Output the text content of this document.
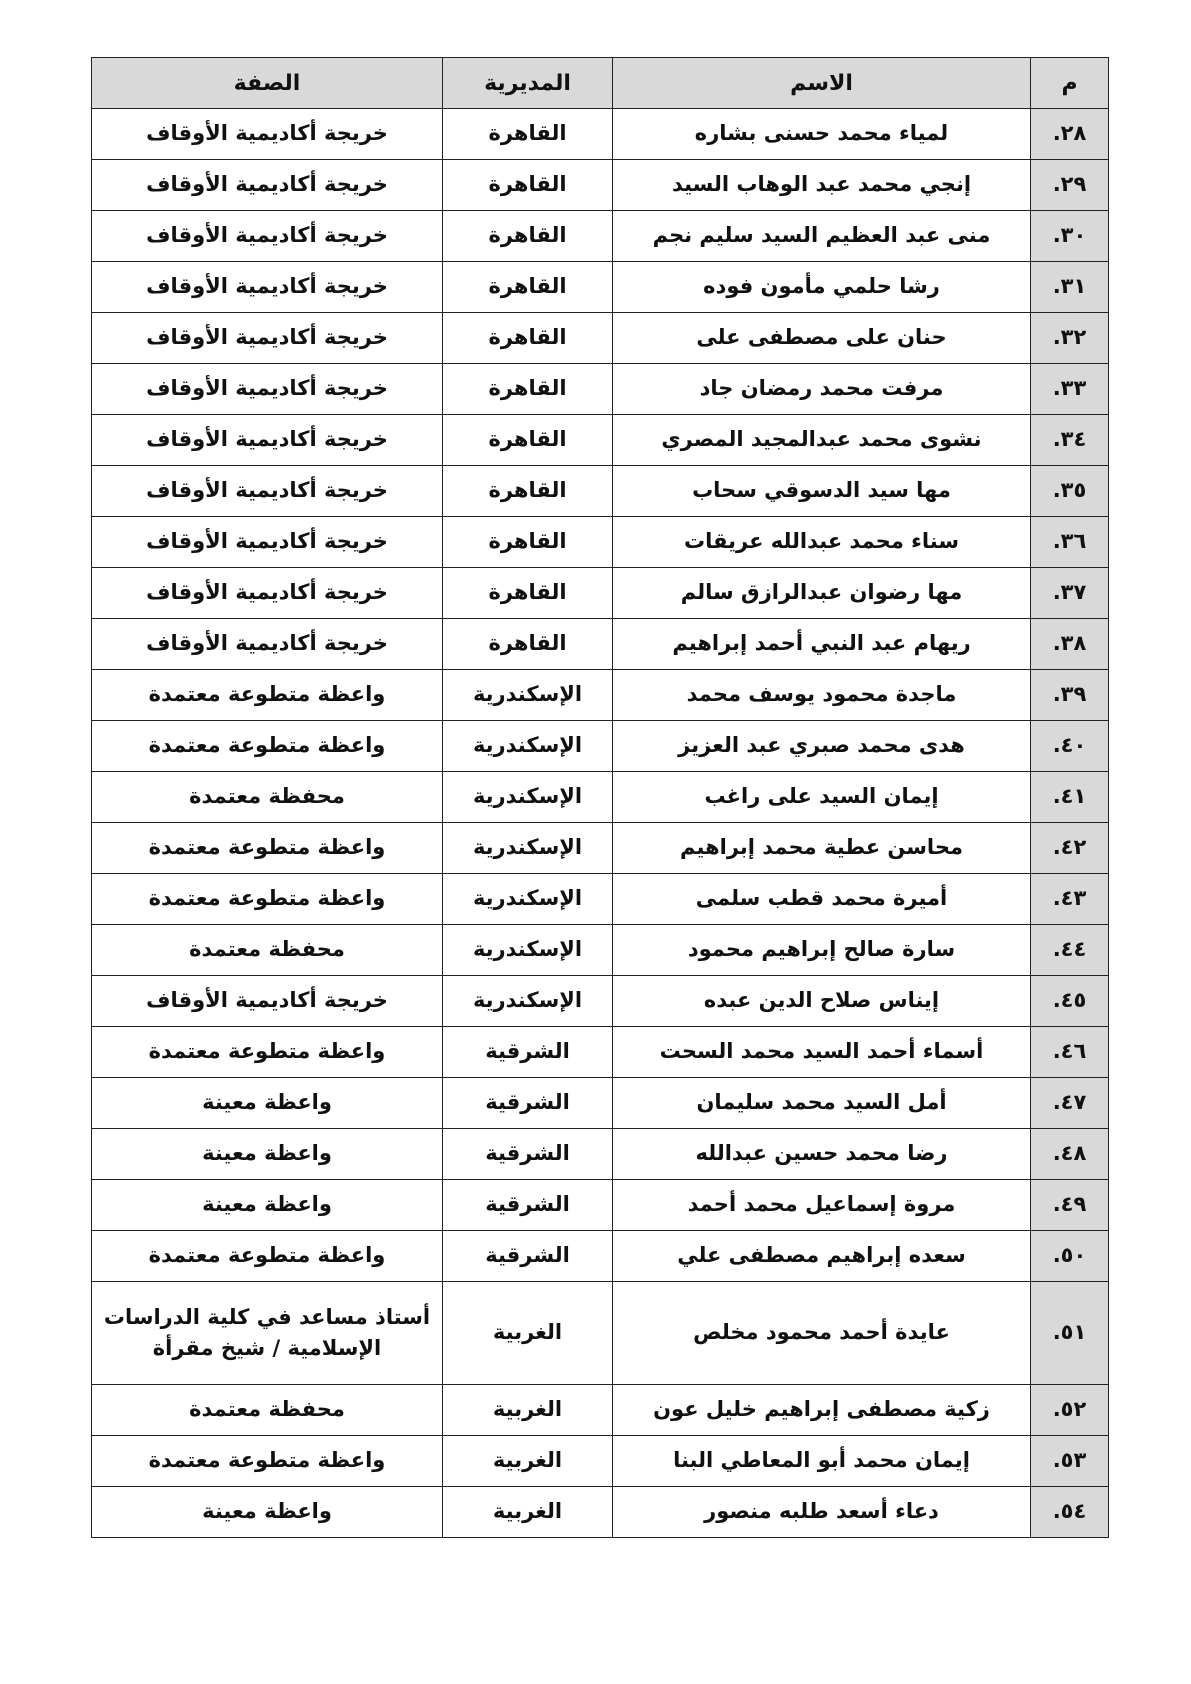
م	الاسم	المديرية	الصفة
٢٨.	لمياء محمد حسنى بشاره	القاهرة	خريجة أكاديمية الأوقاف
٢٩.	إنجي محمد عبد الوهاب السيد	القاهرة	خريجة أكاديمية الأوقاف
٣٠.	منى عبد العظيم السيد سليم نجم	القاهرة	خريجة أكاديمية الأوقاف
٣١.	رشا حلمي مأمون فوده	القاهرة	خريجة أكاديمية الأوقاف
٣٢.	حنان على مصطفى على	القاهرة	خريجة أكاديمية الأوقاف
٣٣.	مرفت محمد رمضان جاد	القاهرة	خريجة أكاديمية الأوقاف
٣٤.	نشوى محمد عبدالمجيد المصري	القاهرة	خريجة أكاديمية الأوقاف
٣٥.	مها سيد الدسوقي سحاب	القاهرة	خريجة أكاديمية الأوقاف
٣٦.	سناء محمد عبدالله عريقات	القاهرة	خريجة أكاديمية الأوقاف
٣٧.	مها رضوان عبدالرازق سالم	القاهرة	خريجة أكاديمية الأوقاف
٣٨.	ريهام عبد النبي أحمد إبراهيم	القاهرة	خريجة أكاديمية الأوقاف
٣٩.	ماجدة محمود يوسف محمد	الإسكندرية	واعظة متطوعة معتمدة
٤٠.	هدى محمد صبري عبد العزيز	الإسكندرية	واعظة متطوعة معتمدة
٤١.	إيمان السيد على راغب	الإسكندرية	محفظة معتمدة
٤٢.	محاسن عطية محمد إبراهيم	الإسكندرية	واعظة متطوعة معتمدة
٤٣.	أميرة محمد قطب سلمى	الإسكندرية	واعظة متطوعة معتمدة
٤٤.	سارة صالح إبراهيم محمود	الإسكندرية	محفظة معتمدة
٤٥.	إيناس صلاح الدين عبده	الإسكندرية	خريجة أكاديمية الأوقاف
٤٦.	أسماء أحمد السيد محمد السحت	الشرقية	واعظة متطوعة معتمدة
٤٧.	أمل السيد محمد سليمان	الشرقية	واعظة معينة
٤٨.	رضا محمد حسين عبدالله	الشرقية	واعظة معينة
٤٩.	مروة إسماعيل محمد أحمد	الشرقية	واعظة معينة
٥٠.	سعده إبراهيم مصطفى علي	الشرقية	واعظة متطوعة معتمدة
٥١.	عايدة أحمد محمود مخلص	الغربية	أستاذ مساعد في كلية الدراسات الإسلامية / شيخ مقرأة
٥٢.	زكية مصطفى إبراهيم خليل عون	الغربية	محفظة معتمدة
٥٣.	إيمان محمد أبو المعاطي البنا	الغربية	واعظة متطوعة معتمدة
٥٤.	دعاء أسعد طلبه منصور	الغربية	واعظة معينة
